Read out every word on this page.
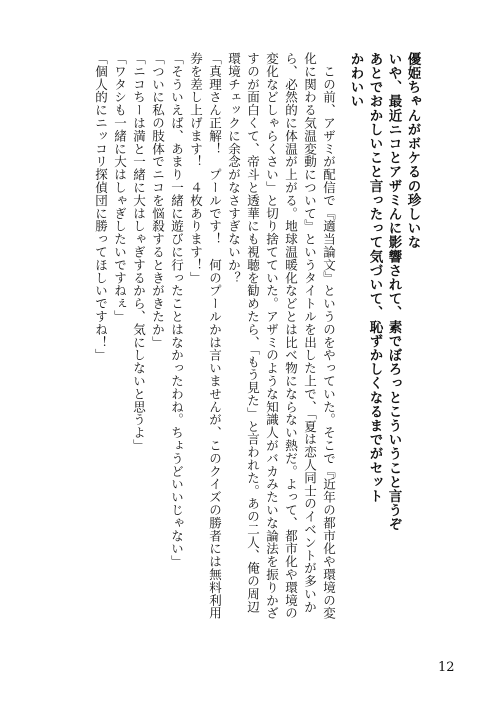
優姫ちゃんがボケるの珍しいな
いや、最近ニコとアザミんに影響されて、素でぼろっとこういうこと言うぞ
あとでおかしいこと言ったって気づいて、恥ずかしくなるまでがセット
かわいい
　この前、アザミが配信で『適当論文』というのをやっていた。そこで『近年の都市化や環境の変
化に関わる気温変動について』というタイトルを出した上で、「夏は恋人同士のイベントが多いか
ら、必然的に体温が上がる。地球温暖化などとは比べ物にならない熱だ。よって、都市化や環境の
変化などしゃらくさい」と切り捨てていた。アザミのような知識人がバカみたいな論法を振りかざ
すのが面白くて、帝斗と透華にも視聴を勧めたら、「もう見た」と言われた。あの二人、俺の周辺
環境チェックに余念がなさすぎないか？
「真理さん正解！　プールです！　何のプールかは言いませんが、このクイズの勝者には無料利用
券を差し上げます！　４枚あります！」
「そういえば、あまり一緒に遊びに行ったことはなかったわね。ちょうどいいじゃない」
「ついに私の肢体でニコを悩殺するときがきたか」
「ニコちーは満と一緒に大はしゃぎするから、気にしないと思うよ」
「ワタシも一緒に大はしゃぎしたいですねぇ」
「個人的にニッコリ探偵団に勝ってほしいですね！」
12
